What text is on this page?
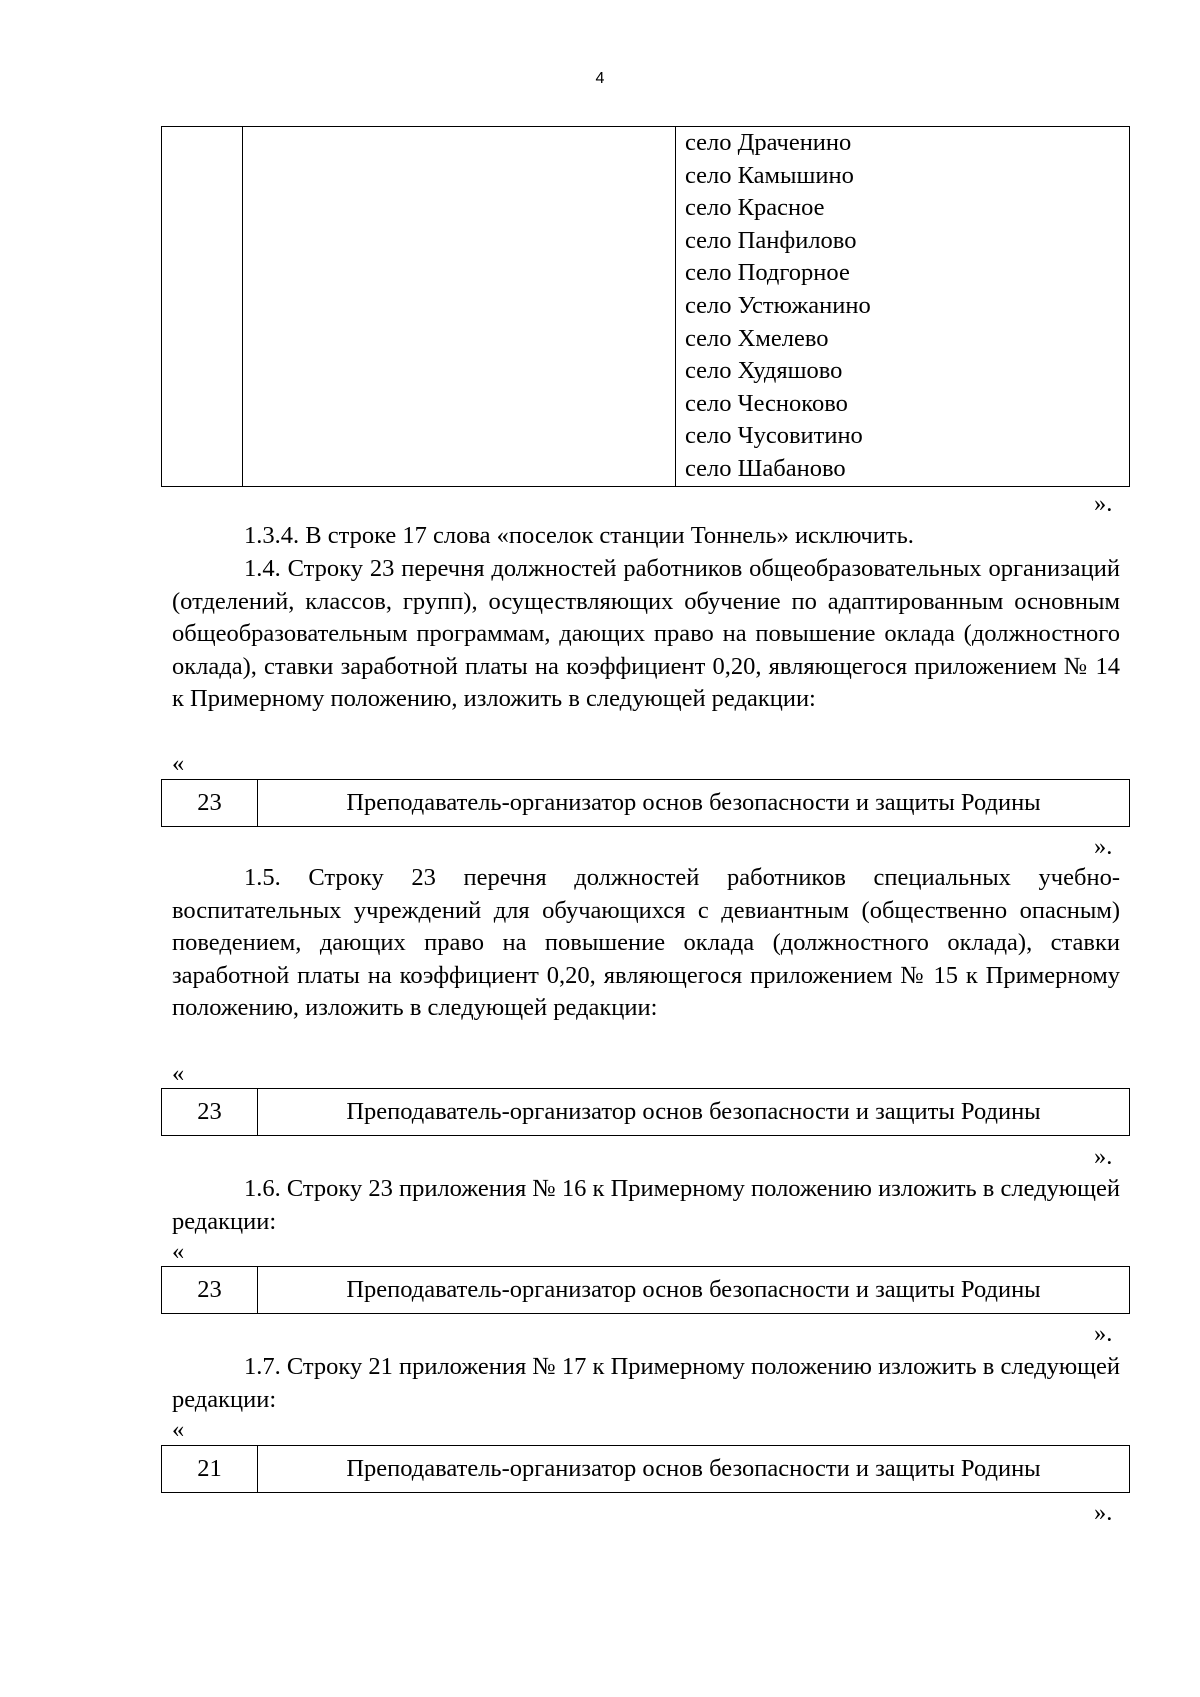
4

село Драченино
село Камышино
село Красное
село Панфилово
село Подгорное
село Устюжанино
село Хмелево
село Худяшово
село Чесноково
село Чусовитино
село Шабаново
».

1.3.4. В строке 17 слова «поселок станции Тоннель» исключить.

1.4. Строку 23 перечня должностей работников общеобразовательных организаций (отделений, классов, групп), осуществляющих обучение по адаптированным основным общеобразовательным программам, дающих право на повышение оклада (должностного оклада), ставки заработной платы на коэффициент 0,20, являющегося приложением № 14 к Примерному положению, изложить в следующей редакции:

«
23	Преподаватель-организатор основ безопасности и защиты Родины
».

1.5. Строку 23 перечня должностей работников специальных учебно-воспитательных учреждений для обучающихся с девиантным (общественно опасным) поведением, дающих право на повышение оклада (должностного оклада), ставки заработной платы на коэффициент 0,20, являющегося приложением № 15 к Примерному положению, изложить в следующей редакции:

«
23	Преподаватель-организатор основ безопасности и защиты Родины
».

1.6. Строку 23 приложения № 16 к Примерному положению изложить в следующей редакции:

«
23	Преподаватель-организатор основ безопасности и защиты Родины
».

1.7. Строку 21 приложения № 17 к Примерному положению изложить в следующей редакции:

«
21	Преподаватель-организатор основ безопасности и защиты Родины
».
